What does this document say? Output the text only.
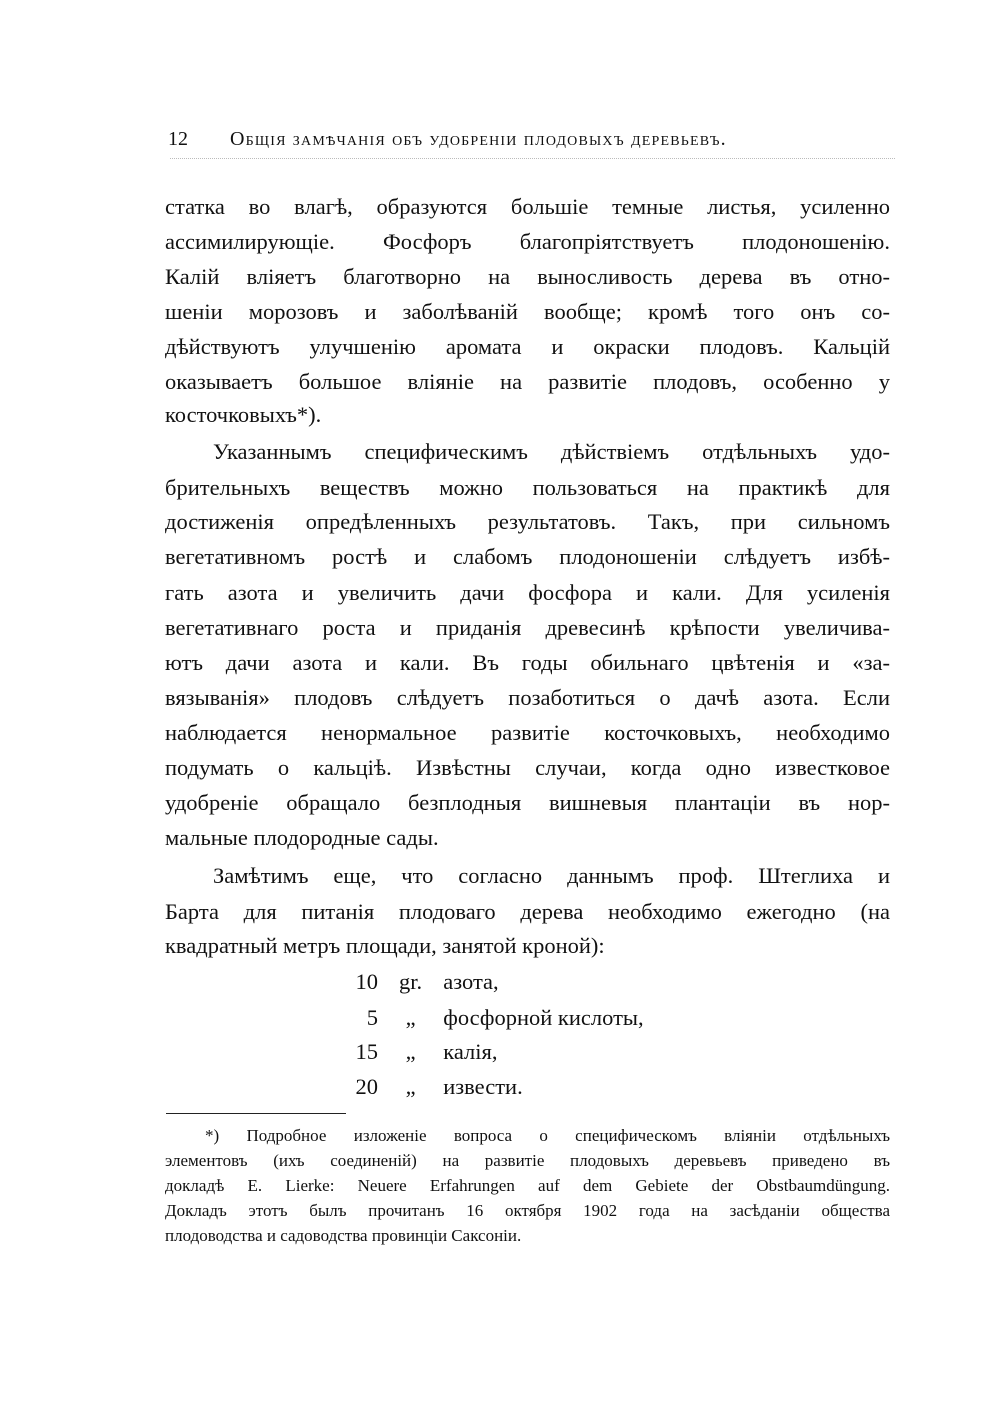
12	Общія замѣчанія объ удобреніи плодовыхъ деревьевъ.
статка во влагѣ, образуются большіе темные листья, усиленно
ассимилирующіе. Фосфоръ благопріятствуетъ плодоношенію.
Калій вліяетъ благотворно на выносливость дерева въ отно-
шеніи морозовъ и заболѣваній вообще; кромѣ того онъ со-
дѣйствуютъ улучшенію аромата и окраски плодовъ. Кальцій
оказываетъ большое вліяніе на развитіе плодовъ, особенно у
косточковыхъ*).
Указаннымъ специфическимъ дѣйствіемъ отдѣльныхъ удо-
брительныхъ веществъ можно пользоваться на практикѣ для
достиженія опредѣленныхъ результатовъ. Такъ, при сильномъ
вегетативномъ ростѣ и слабомъ плодоношеніи слѣдуетъ избѣ-
гать азота и увеличить дачи фосфора и кали. Для усиленія
вегетативнаго роста и приданія древесинѣ крѣпости увеличива-
ютъ дачи азота и кали. Въ годы обильнаго цвѣтенія и «за-
вязыванія» плодовъ слѣдуетъ позаботиться о дачѣ азота. Если
наблюдается ненормальное развитіе косточковыхъ, необходимо
подумать о кальціѣ. Извѣстны случаи, когда одно известковое
удобреніе обращало безплодныя вишневыя плантаціи въ нор-
мальные плодородные сады.
Замѣтимъ еще, что согласно даннымъ проф. Штеглиха и
Барта для питанія плодоваго дерева необходимо ежегодно (на
квадратный метръ площади, занятой кроной):
10 gr. азота,
5 „ фосфорной кислоты,
15 „ калія,
20 „ извести.
*) Подробное изложеніе вопроса о специфическомъ вліяніи отдѣльныхъ
элементовъ (ихъ соединеній) на развитіе плодовыхъ деревьевъ приведено въ
докладѣ E. Lierke: Neuere Erfahrungen auf dem Gebiete der Obstbaumdüngung.
Докладъ этотъ былъ прочитанъ 16 октября 1902 года на засѣданіи общества
плодоводства и садоводства провинціи Саксоніи.
